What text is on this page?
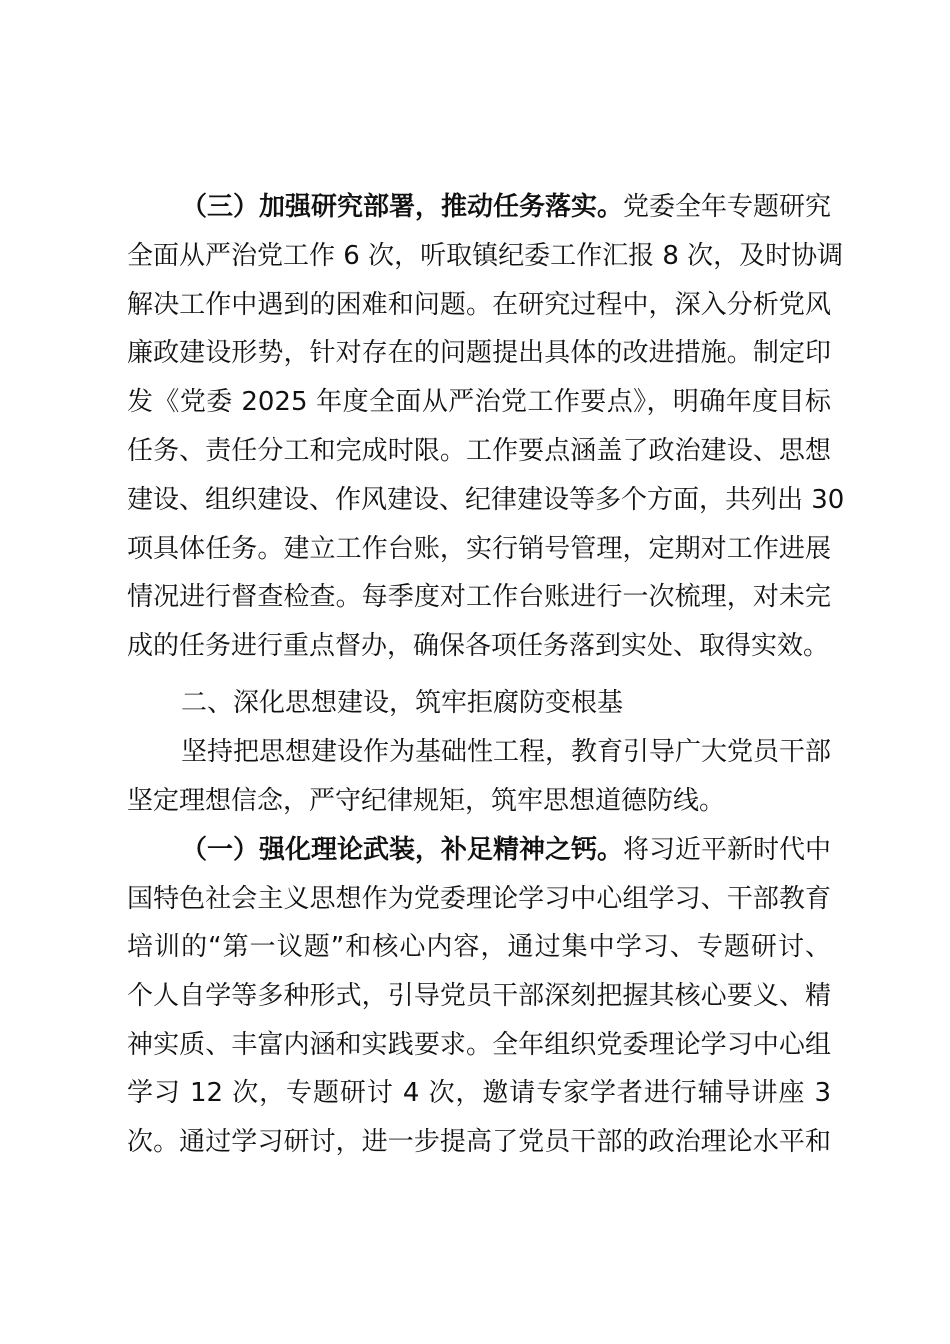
（三）加强研究部署，推动任务落实。党委全年专题研究
全面从严治党工作 6 次，听取镇纪委工作汇报 8 次，及时协调
解决工作中遇到的困难和问题。在研究过程中，深入分析党风
廉政建设形势，针对存在的问题提出具体的改进措施。制定印
发《党委 2025 年度全面从严治党工作要点》，明确年度目标
任务、责任分工和完成时限。工作要点涵盖了政治建设、思想
建设、组织建设、作风建设、纪律建设等多个方面，共列出 30
项具体任务。建立工作台账，实行销号管理，定期对工作进展
情况进行督查检查。每季度对工作台账进行一次梳理，对未完
成的任务进行重点督办，确保各项任务落到实处、取得实效。
二、深化思想建设，筑牢拒腐防变根基
坚持把思想建设作为基础性工程，教育引导广大党员干部
坚定理想信念，严守纪律规矩，筑牢思想道德防线。
（一）强化理论武装，补足精神之钙。将习近平新时代中
国特色社会主义思想作为党委理论学习中心组学习、干部教育
培训的“第一议题”和核心内容，通过集中学习、专题研讨、
个人自学等多种形式，引导党员干部深刻把握其核心要义、精
神实质、丰富内涵和实践要求。全年组织党委理论学习中心组
学习 12 次，专题研讨 4 次，邀请专家学者进行辅导讲座 3
次。通过学习研讨，进一步提高了党员干部的政治理论水平和
